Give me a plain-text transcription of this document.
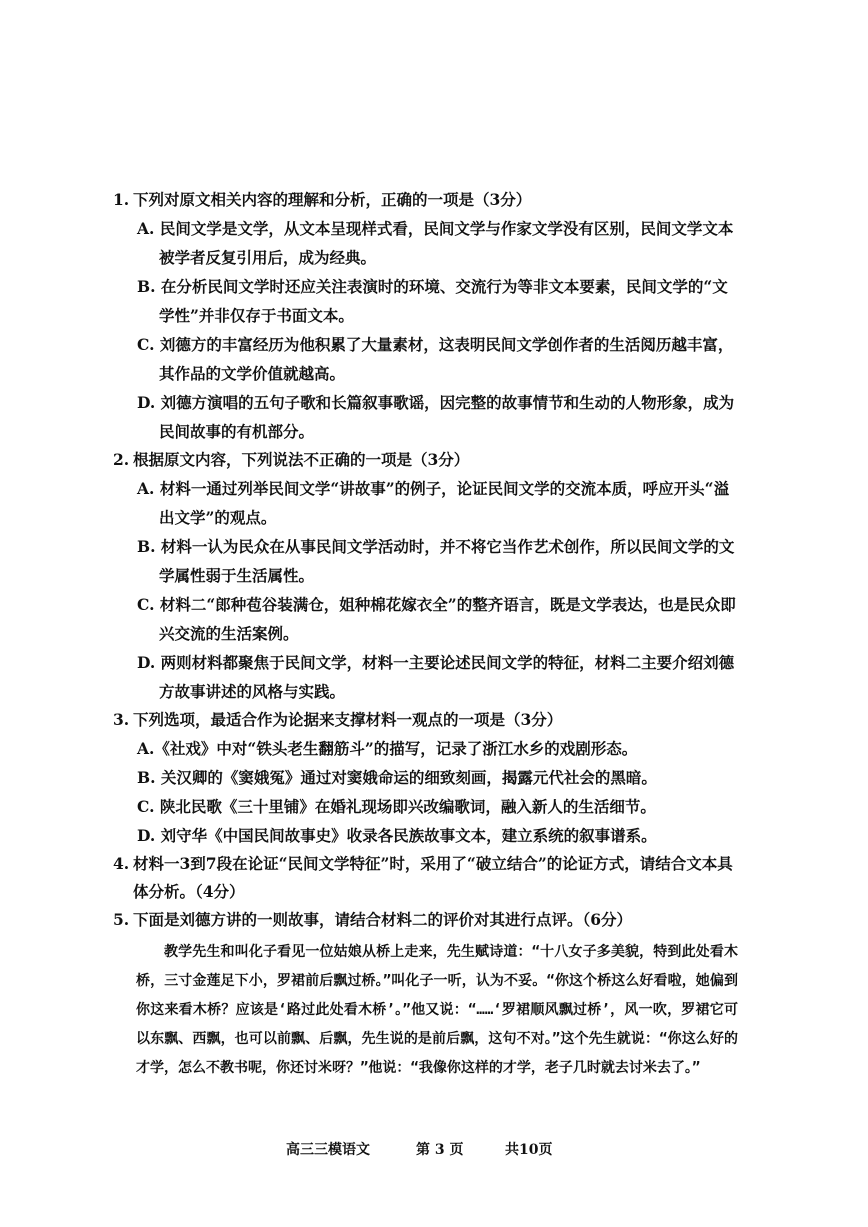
1. 下列对原文相关内容的理解和分析，正确的一项是（3分）
A. 民间文学是文学，从文本呈现样式看，民间文学与作家文学没有区别，民间文学文本被学者反复引用后，成为经典。
B. 在分析民间文学时还应关注表演时的环境、交流行为等非文本要素，民间文学的“文学性”并非仅存于书面文本。
C. 刘德方的丰富经历为他积累了大量素材，这表明民间文学创作者的生活阅历越丰富，其作品的文学价值就越高。
D. 刘德方演唱的五句子歌和长篇叙事歌谣，因完整的故事情节和生动的人物形象，成为民间故事的有机部分。
2. 根据原文内容，下列说法不正确的一项是（3分）
A. 材料一通过列举民间文学“讲故事”的例子，论证民间文学的交流本质，呼应开头“溢出文学”的观点。
B. 材料一认为民众在从事民间文学活动时，并不将它当作艺术创作，所以民间文学的文学属性弱于生活属性。
C. 材料二“郎种苞谷装满仓，姐种棉花嫁衣全”的整齐语言，既是文学表达，也是民众即兴交流的生活案例。
D. 两则材料都聚焦于民间文学，材料一主要论述民间文学的特征，材料二主要介绍刘德方故事讲述的风格与实践。
3. 下列选项，最适合作为论据来支撑材料一观点的一项是（3分）
A.《社戏》中对“铁头老生翻筋斗”的描写，记录了浙江水乡的戏剧形态。
B. 关汉卿的《窦娥冤》通过对窦娥命运的细致刻画，揭露元代社会的黑暗。
C. 陕北民歌《三十里铺》在婚礼现场即兴改编歌词，融入新人的生活细节。
D. 刘守华《中国民间故事史》收录各民族故事文本，建立系统的叙事谱系。
4. 材料一3到7段在论证“民间文学特征”时，采用了“破立结合”的论证方式，请结合文本具体分析。（4分）
5. 下面是刘德方讲的一则故事，请结合材料二的评价对其进行点评。（6分）
教学先生和叫化子看见一位姑娘从桥上走来，先生赋诗道：“十八女子多美貌，特到此处看木桥，三寸金莲足下小，罗裙前后飘过桥。”叫化子一听，认为不妥。“你这个桥这么好看啦，她偏到你这来看木桥？应该是‘路过此处看木桥’。”他又说：“……‘罗裙顺风飘过桥’，风一吹，罗裙它可以东飘、西飘，也可以前飘、后飘，先生说的是前后飘，这句不对。”这个先生就说：“你这么好的才学，怎么不教书呢，你还讨米呀？”他说：“我像你这样的才学，老子几时就去讨米去了。”
高三三模语文	第 3 页	共10页
